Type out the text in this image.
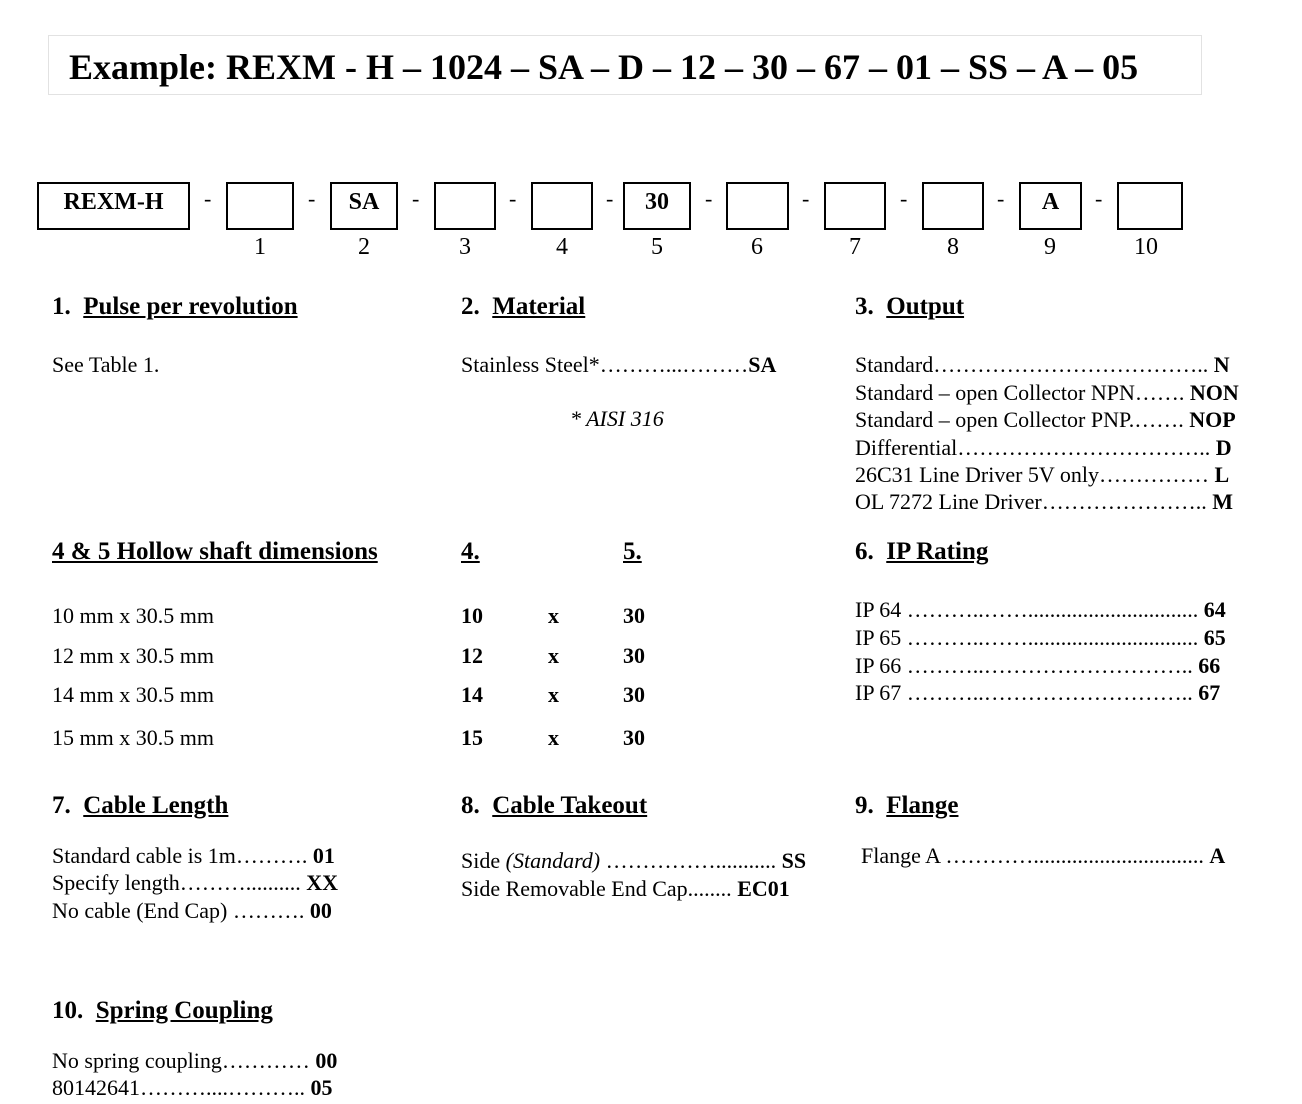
Example: REXM - H – 1024 – SA – D – 12 – 30 – 67 – 01 – SS – A – 05
REXM-H	-	-	SA	-	-	-	30	-	-	-	-	A	-
1	2	3	4	5	6	7	8	9	10
1. Pulse per revolution
See Table 1.
2. Material
Stainless Steel*………...………SA
* AISI 316
3. Output
Standard……………………………….. N
Standard – open Collector NPN……. NON
Standard – open Collector PNP.……. NOP
Differential…………………………….. D
26C31 Line Driver 5V only…………… L
OL 7272 Line Driver………………….. M
4 & 5 Hollow shaft dimensions	4.	5.
10 mm x 30.5 mm	10	x	30
12 mm x 30.5 mm	12	x	30
14 mm x 30.5 mm	14	x	30
15 mm x 30.5 mm	15	x	30
6. IP Rating
IP 64 ………..……............................... 64
IP 65 ………..……............................... 65
IP 66 ………..……………………….. 66
IP 67 ………..……………………….. 67
7. Cable Length
Standard cable is 1m………. 01
Specify length……….......... XX
No cable (End Cap) ………. 00
8.  Cable Takeout
Side (Standard) ……………........... SS
Side Removable End Cap........ EC01
9. Flange
Flange A …………............................... A
10. Spring Coupling
No spring coupling………… 00
80142641………....……….. 05
